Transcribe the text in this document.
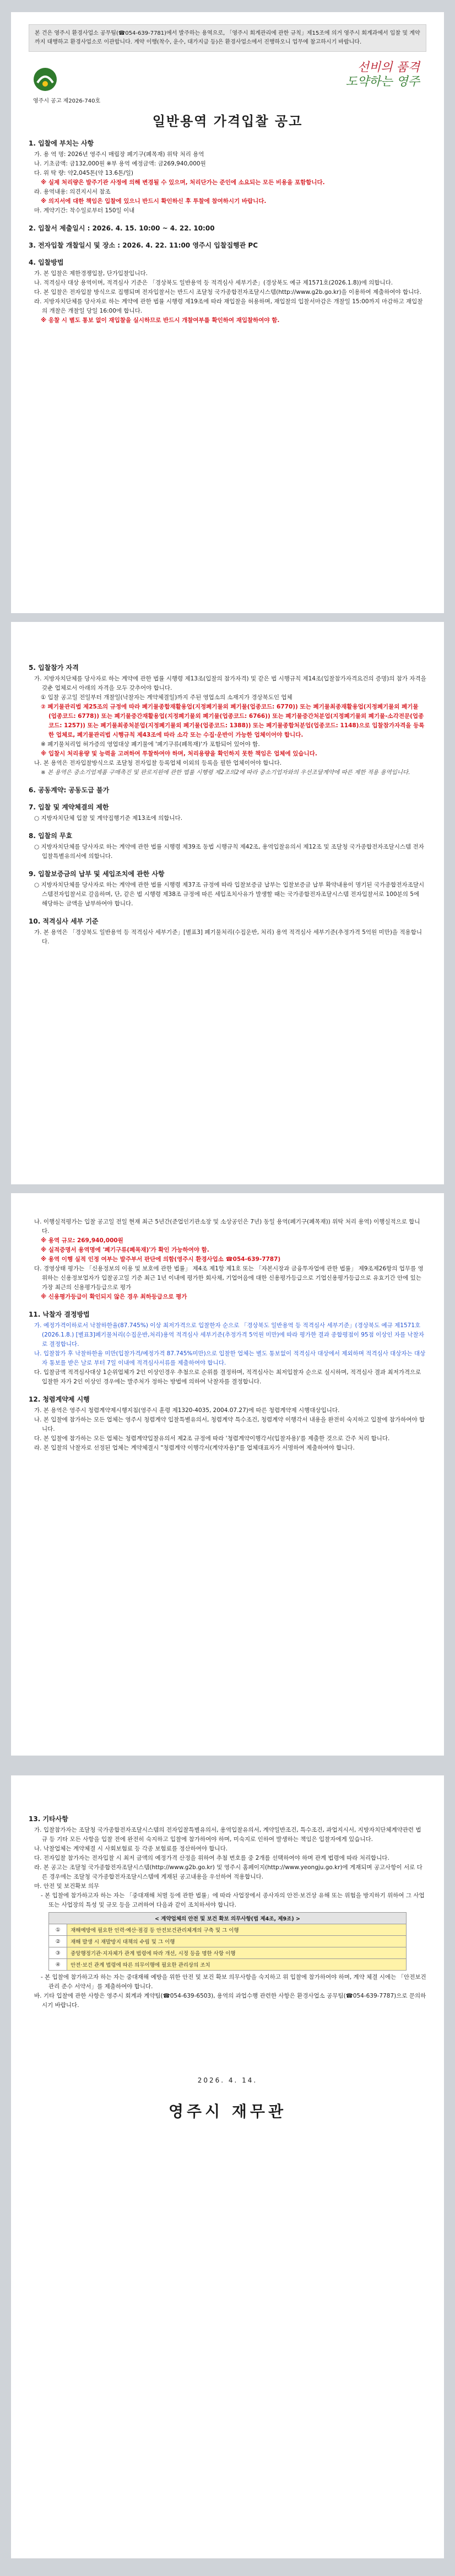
본 건은 영주시 환경사업소 공무팀(☎054-639-7781)에서 발주하는 용역으로, 「영주시 회계관리에 관한 규칙」제15조에 의거 영주시 회계과에서 입찰 및 계약까지 대행하고 환경사업소로 이관합니다. 계약 이행(착수, 운수, 대가지급 등)은 환경사업소에서 진행하오니 업무에 참고하시기 바랍니다.
영주시 공고 제2026-740호
선비의 품격
도약하는 영주
일반용역 가격입찰 공고
1. 입찰에 부치는 사항
가. 용 역 명: 2026년 영주시 매립장 폐기구(폐목재) 위탁 처리 용역
나. 기초금액: 금132,000원 ※부 용역 예정금액: 금269,940,000원
다. 위 탁 량: 약2,045톤(약 13.6톤/일)
※ 실제 처리량은 발주기관 사정에 의해 변경될 수 있으며, 처리단가는 준인에 소요되는 모든 비용을 포함합니다.
라. 용역내용: 의견지시서 참조
※ 의지서에 대한 책임은 입찰에 있으니 반드시 확인하신 후 투찰에 참여하시기 바랍니다.
마. 계약기간: 착수일로부터 150일 이내
2. 입찰서 제출일시 : 2026. 4. 15. 10:00 ~ 4. 22. 10:00
3. 전자입찰 개찰일시 및 장소 : 2026. 4. 22. 11:00 영주시 입찰집행관 PC
4. 입찰방법
가. 본 입찰은 제한경쟁입찰, 단가입찰입니다.
나. 적격심사 대상 용역이며, 적격심사 기준은 「경상북도 일반용역 등 적격심사 세부기준」(경상북도 예규 제1571호(2026.1.8))에 의합니다.
다. 본 입찰은 전자입찰 방식으로 집행되며 전자입찰서는 반드시 조달청 국가종합전자조달시스템(http://www.g2b.go.kr)을 이용하여 제출하여야 합니다.
라. 지방자치단체를 당사자로 하는 계약에 관한 법률 시행령 제19조에 따라 재입찰을 허용하며, 재입찰의 입찰서마감은 개찰일 15:00까지 마감하고 재입찰의 개찰은 개찰일 당일 16:00에 합니다.
※ 응찰 시 별도 통보 없이 재입찰을 실시하므로 반드시 개찰여부를 확인하여 재입찰하여야 함.
5. 입찰참가 자격
가. 지방자치단체를 당사자로 하는 계약에 관한 법률 시행령 제13조(입찰의 참가자격) 및 같은 법 시행규칙 제14조(입찰참가자격요건의 증명)의 참가 자격을 갖춘 업체로서 아래의 자격을 모두 갖추어야 합니다.
① 입찰 공고일 전일부터 개찰일(낙찰자는 계약체결일)까지 주된 영업소의 소재지가 경상북도인 업체
② 폐기물관리법 제25조의 규정에 따라 폐기물종합재활용업(지정폐기물외 폐기물(업종코드: 6770)) 또는 폐기물최종재활용업(지정폐기물외 폐기물(업종코드: 6778)) 또는 폐기물중간재활용업(지정폐기물외 폐기물(업종코드: 6766)) 또는 폐기물중간처분업(지정폐기물외 폐기물-소각전문(업종코드: 1257)) 또는 폐기물최종처분업(지정폐기물외 폐기물(업종코드: 1388)) 또는 폐기물종합처분업(업종코드: 1148)으로 입찰참가자격을 등록한 업체로, 폐기물관리법 시행규칙 제43조에 따라 소각 또는 수집·운반이 가능한 업체이어야 합니다.
※ 폐기물처리업 허가증의 영업대상 폐기물에 '폐기구류(폐목재)'가 포함되어 있어야 함.
※ 입찰시 처리용량 및 능력을 고려하여 투찰하여야 하며, 처리용량을 확인하지 못한 책임은 업체에 있습니다.
나. 본 용역은 전자입찰방식으로 조달청 전자입찰 등록업체 이외의 등록을 필한 업체이어야 합니다.
※ 본 용역은 중소기업제품 구매촉진 및 판로지원에 관한 법률 시행령 제2조의2에 따라 중소기업자와의 우선조달계약에 따른 제한 적용 용역입니다.
6. 공동계약: 공동도급 불가
7. 입찰 및 계약체결의 제한
○ 지방자치단체 입찰 및 계약집행기준 제13조에 의합니다.
8. 입찰의 무효
○ 지방자치단체를 당사자로 하는 계약에 관한 법률 시행령 제39조 동법 시행규칙 제42조, 용역입찰유의서 제12조 및 조달청 국가종합전자조달시스템 전자입찰특별유의서에 의합니다.
9. 입찰보증금의 납부 및 세입조치에 관한 사항
○ 지방자치단체를 당사자로 하는 계약에 관한 법률 시행령 제37조 규정에 따라 입찰보증금 납부는 입찰보증금 납부 확약내용이 명기된 국가종합전자조달시스템전자입찰서로 갈음하며, 단, 같은 법 시행령 제38조 규정에 따른 세입조치사유가 발생할 때는 국가종합전자조달시스템 전자입찰서로 100분의 5에 해당하는 금액을 납부하여야 합니다.
10. 적격심사 세부 기준
가. 본 용역은 「경상북도 일반용역 등 적격심사 세부기준」[별표3] 폐기물처리(수집운반, 처리) 용역 적격심사 세부기준(추정가격 5억원 미만)을 적용합니다.
나. 이행실적평가는 입찰 공고일 전일 현재 최근 5년간(준업인기관소장 및 소상공인은 7년) 동일 용역(폐기구(폐목재)) 위탁 처리 용역) 이행실적으로 합니다.
※ 용역 규모: 269,940,000원
※ 실적증명서 용역명에 '폐기구류(폐목재)'가 확인 가능하여야 함.
※ 용역 이행 실적 인정 여부는 발주부서 판단에 의함(영주시 환경사업소 ☎054-639-7787)
다. 경영상태 평가는 「신용정보의 이용 및 보호에 관한 법률」 제4조 제1항 제1호 또는 「자본시장과 금융투자업에 관한 법률」 제9조제26항의 업무를 영위하는 신용정보업자가 입찰공고일 기준 최근 1년 이내에 평가한 회사채, 기업어음에 대한 신용평가등급으로 기업신용평가등급으로 유효기간 안에 있는 가장 최근의 신용평가등급으로 평가
※ 신용평가등급이 확인되지 않은 경우 최하등급으로 평가
11. 낙찰자 결정방법
가. 예정가격이하로서 낙찰하한율(87.745%) 이상 최저가격으로 입찰한자 순으로 「경상북도 일반용역 등 적격심사 세부기준」(경상북도 예규 제1571호(2026.1.8.) [별표3]폐기물처리(수집운반,처리)용역 적격심사 세부기준(추정가격 5억원 미만)에 따라 평가한 결과 종합평점이 95점 이상인 자를 낙찰자로 결정합니다.
나. 입찰참가 후 낙찰하한율 미만(입찰가격/예정가격 87.745%미만)으로 입찰한 업체는 별도 통보없이 적격심사 대상에서 제외하며 적격심사 대상자는 대상자 통보를 받은 날로 부터 7일 이내에 적격심사서류를 제출하여야 합니다.
다. 입찰금액 적격심사대상 1순위업체가 2인 이상인경우 추첨으로 순위를 결정하며, 적격심사는 최저입찰자 순으로 실시하며, 적격심사 결과 최저가격으로 입찰한 자가 2인 이상인 경우에는 발주처가 정하는 방법에 의하여 낙찰자를 결정합니다.
12. 청렴계약제 시행
가. 본 용역은 영주시 청렴계약제시행지침(영주시 훈령 제1320-4035, 2004.07.27)에 따른 청렴계약제 시행대상입니다.
나. 본 입찰에 참가하는 모든 업체는 영주시 청렴계약 입찰특별유의서, 청렴계약 특수조건, 청렴계약 이행각서 내용을 완전히 숙지하고 입찰에 참가하여야 합니다.
다. 본 입찰에 참가하는 모든 업체는 청렴계약입찰유의서 제2조 규정에 따라 '청렴계약이행각서(입찰자용)'를 제출한 것으로 간주 처리 합니다.
라. 본 입찰의 낙찰자로 선정된 업체는 계약체결시 "청렴계약 이행각서(계약자용)"를 업체대표자가 서명하여 제출하여야 합니다.
13. 기타사항
가. 입찰참가자는 조달청 국가종합전자조달시스템의 전자입찰특별유의서, 용역입찰유의서, 계약일반조건, 특수조건, 과업지시서, 지방자치단체계약관련 법규 등 기타 모든 사항을 입찰 전에 완전히 숙지하고 입찰에 참가하여야 하며, 미숙지로 인하여 발생하는 책임은 입찰자에게 있습니다.
나. 낙찰업체는 계약체결 시 사회보험료 등 각종 보험료를 정산하여야 합니다.
다. 전자입찰 참가자는 전자입찰 시 최저 금액의 예정가격 산정을 위하여 추첨 번호를 중 2개를 선택하여야 하며 관계 법령에 따라 처리합니다.
라. 본 공고는 조달청 국가종합전자조달시스템(http://www.g2b.go.kr) 및 영주시 홈페이지(http://www.yeongju.go.kr)에 게재되며 공고사항이 서로 다른 경우에는 조달청 국가종합전자조달시스템에 게재된 공고내용을 우선하여 적용합니다.
마. 안전 및 보건확보 의무
- 본 입찰에 참가하고자 하는 자는 「중대재해 처벌 등에 관한 법률」에 따라 사업장에서 종사자의 안전·보건상 유해 또는 위험을 방지하기 위하여 그 사업 또는 사업장의 특성 및 규모 등을 고려하여 다음과 같이 조치하셔야 합니다.
< 계약업체의 안전 및 보건 확보 의무사항(법 제4조, 제9조) >	
①	재해예방에 필요한 인력·예산·점검 등 안전보건관리체계의 구축 및 그 이행
②	재해 발생 시 재발방지 대책의 수립 및 그 이행
③	중앙행정기관·지자체가 관계 법령에 따라 개선, 시정 등을 명한 사항 이행
④	안전·보건 관계 법령에 따른 의무이행에 필요한 관리상의 조치
- 본 입찰에 참가하고자 하는 자는 중대재해 예방을 위한 안전 및 보건 확보 의무사항을 숙지하고 위 입찰에 참가하여야 하며, 계약 체결 시에는 「안전보건관리 준수 서약서」를 제출하여야 합니다.
바. 기타 입찰에 관한 사항은 영주시 회계과 계약팀(☎054-639-6503), 용역의 과업수행 관련한 사항은 환경사업소 공무팀(☎054-639-7787)으로 문의하시기 바랍니다.
2026. 4. 14.
영주시 재무관
